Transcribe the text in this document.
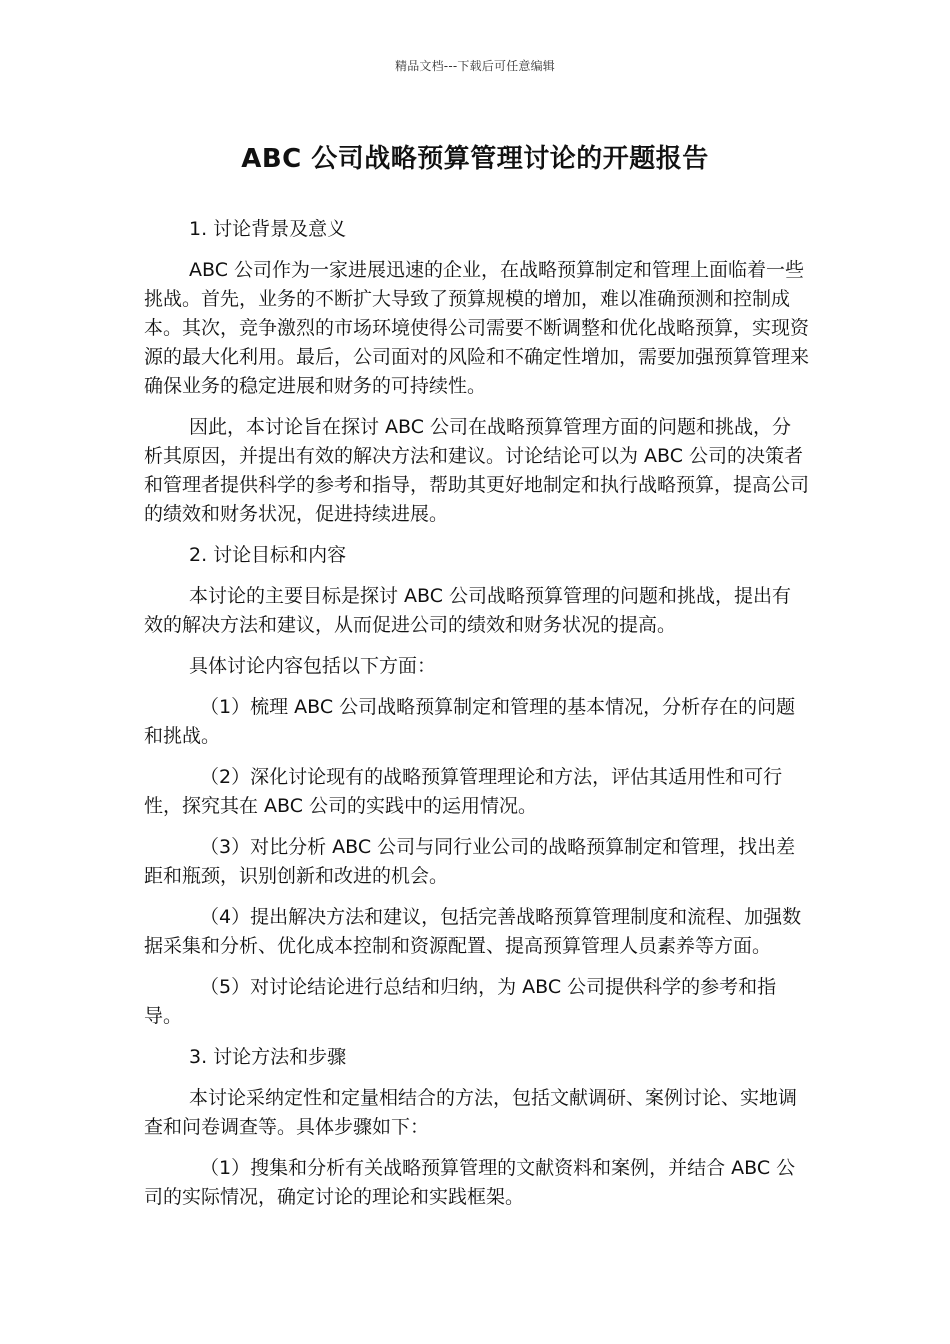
精品文档---下载后可任意编辑
ABC 公司战略预算管理讨论的开题报告

1. 讨论背景及意义

ABC 公司作为一家进展迅速的企业，在战略预算制定和管理上面临着一些挑战。首先，业务的不断扩大导致了预算规模的增加，难以准确预测和控制成本。其次，竞争激烈的市场环境使得公司需要不断调整和优化战略预算，实现资源的最大化利用。最后，公司面对的风险和不确定性增加，需要加强预算管理来确保业务的稳定进展和财务的可持续性。

因此，本讨论旨在探讨 ABC 公司在战略预算管理方面的问题和挑战，分析其原因，并提出有效的解决方法和建议。讨论结论可以为 ABC 公司的决策者和管理者提供科学的参考和指导，帮助其更好地制定和执行战略预算，提高公司的绩效和财务状况，促进持续进展。

2. 讨论目标和内容

本讨论的主要目标是探讨 ABC 公司战略预算管理的问题和挑战，提出有效的解决方法和建议，从而促进公司的绩效和财务状况的提高。

具体讨论内容包括以下方面：

（1）梳理 ABC 公司战略预算制定和管理的基本情况，分析存在的问题和挑战。

（2）深化讨论现有的战略预算管理理论和方法，评估其适用性和可行性，探究其在 ABC 公司的实践中的运用情况。

（3）对比分析 ABC 公司与同行业公司的战略预算制定和管理，找出差距和瓶颈，识别创新和改进的机会。

（4）提出解决方法和建议，包括完善战略预算管理制度和流程、加强数据采集和分析、优化成本控制和资源配置、提高预算管理人员素养等方面。

（5）对讨论结论进行总结和归纳，为 ABC 公司提供科学的参考和指导。

3. 讨论方法和步骤

本讨论采纳定性和定量相结合的方法，包括文献调研、案例讨论、实地调查和问卷调查等。具体步骤如下：

（1）搜集和分析有关战略预算管理的文献资料和案例，并结合 ABC 公司的实际情况，确定讨论的理论和实践框架。
